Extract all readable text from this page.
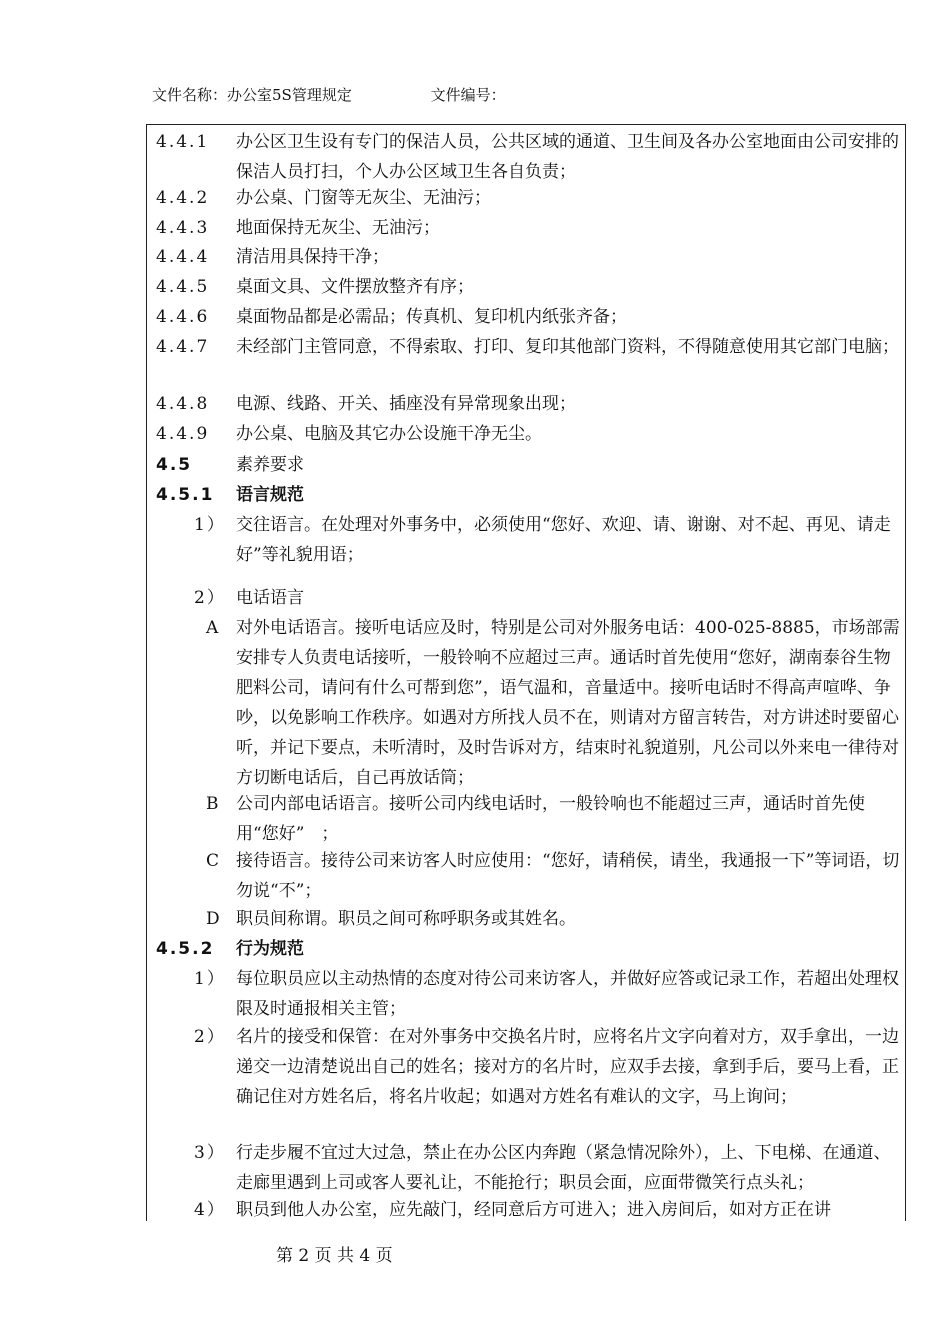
文件名称：办公室5S管理规定	文件编号：
4.4.1 办公区卫生设有专门的保洁人员，公共区域的通道、卫生间及各办公室地面由公司安排的保洁人员打扫，个人办公区域卫生各自负责；
4.4.2 办公桌、门窗等无灰尘、无油污；
4.4.3 地面保持无灰尘、无油污；
4.4.4 清洁用具保持干净；
4.4.5 桌面文具、文件摆放整齐有序；
4.4.6 桌面物品都是必需品；传真机、复印机内纸张齐备；
4.4.7 未经部门主管同意，不得索取、打印、复印其他部门资料，不得随意使用其它部门电脑；
4.4.8 电源、线路、开关、插座没有异常现象出现；
4.4.9 办公桌、电脑及其它办公设施干净无尘。
4.5	素养要求
4.5.1 语言规范
1） 交往语言。在处理对外事务中，必须使用“您好、欢迎、请、谢谢、对不起、再见、请走好”等礼貌用语；
2） 电话语言
A 对外电话语言。接听电话应及时，特别是公司对外服务电话：400-025-8885，市场部需安排专人负责电话接听，一般铃响不应超过三声。通话时首先使用“您好，湖南泰谷生物肥料公司，请问有什么可帮到您”，语气温和，音量适中。接听电话时不得高声喧哗、争吵，以免影响工作秩序。如遇对方所找人员不在，则请对方留言转告，对方讲述时要留心听，并记下要点，未听清时，及时告诉对方，结束时礼貌道别，凡公司以外来电一律待对方切断电话后，自己再放话筒；
B 公司内部电话语言。接听公司内线电话时，一般铃响也不能超过三声，通话时首先使用“您好”　；
C 接待语言。接待公司来访客人时应使用：“您好，请稍侯，请坐，我通报一下”等词语，切勿说“不”；
D 职员间称谓。职员之间可称呼职务或其姓名。
4.5.2 行为规范
1） 每位职员应以主动热情的态度对待公司来访客人，并做好应答或记录工作，若超出处理权限及时通报相关主管；
2） 名片的接受和保管：在对外事务中交换名片时，应将名片文字向着对方，双手拿出，一边递交一边清楚说出自己的姓名；接对方的名片时，应双手去接，拿到手后，要马上看，正确记住对方姓名后，将名片收起；如遇对方姓名有难认的文字，马上询问；
3） 行走步履不宜过大过急，禁止在办公区内奔跑（紧急情况除外），上、下电梯、在通道、走廊里遇到上司或客人要礼让，不能抢行；职员会面，应面带微笑行点头礼；
4） 职员到他人办公室，应先敲门，经同意后方可进入；进入房间后，如对方正在讲
第 2 页 共 4 页
